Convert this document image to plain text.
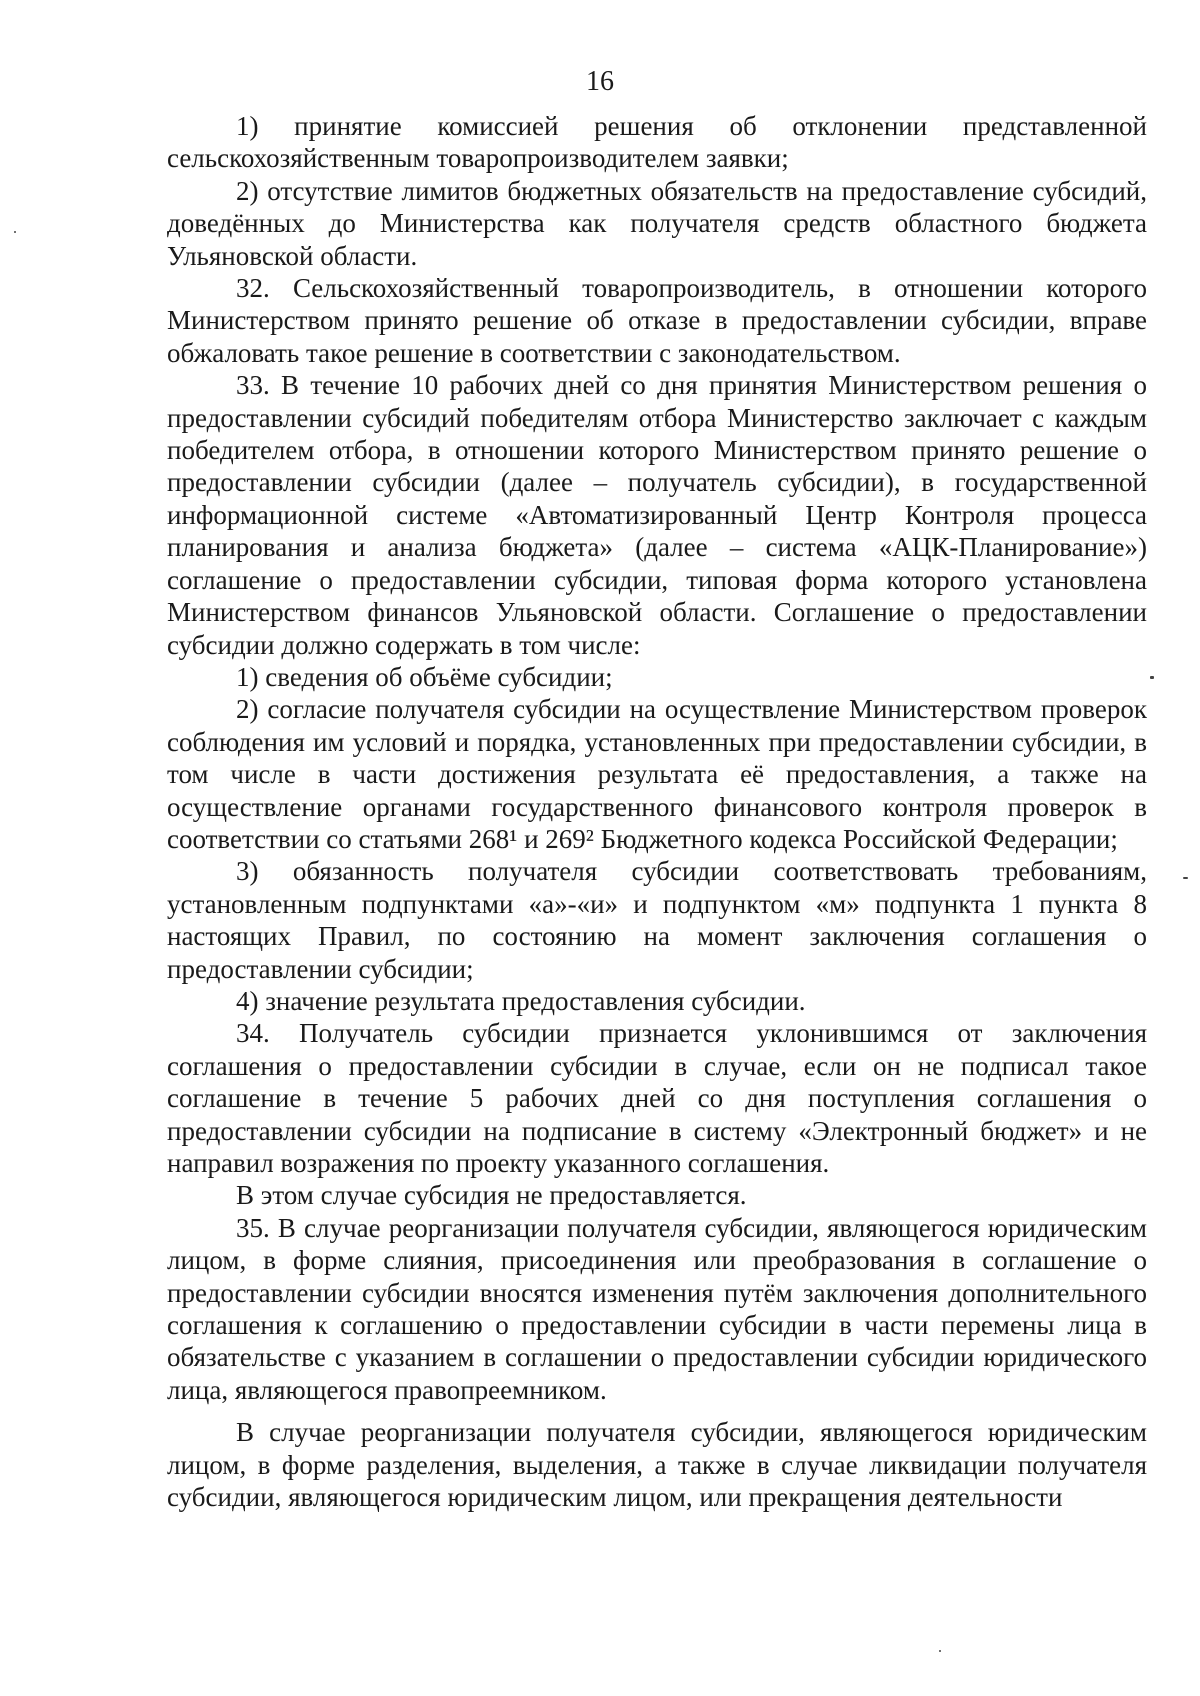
16

1) принятие комиссией решения об отклонении представленной сельскохозяйственным товаропроизводителем заявки;

2) отсутствие лимитов бюджетных обязательств на предоставление субсидий, доведённых до Министерства как получателя средств областного бюджета Ульяновской области.

32. Сельскохозяйственный товаропроизводитель, в отношении которого Министерством принято решение об отказе в предоставлении субсидии, вправе обжаловать такое решение в соответствии с законодательством.

33. В течение 10 рабочих дней со дня принятия Министерством решения о предоставлении субсидий победителям отбора Министерство заключает с каждым победителем отбора, в отношении которого Министерством принято решение о предоставлении субсидии (далее – получатель субсидии), в государственной информационной системе «Автоматизированный Центр Контроля процесса планирования и анализа бюджета» (далее – система «АЦК-Планирование») соглашение о предоставлении субсидии, типовая форма которого установлена Министерством финансов Ульяновской области. Соглашение о предоставлении субсидии должно содержать в том числе:

1) сведения об объёме субсидии;

2) согласие получателя субсидии на осуществление Министерством проверок соблюдения им условий и порядка, установленных при предоставлении субсидии, в том числе в части достижения результата её предоставления, а также на осуществление органами государственного финансового контроля проверок в соответствии со статьями 268¹ и 269² Бюджетного кодекса Российской Федерации;

3) обязанность получателя субсидии соответствовать требованиям, установленным подпунктами «а»-«и» и подпунктом «м» подпункта 1 пункта 8 настоящих Правил, по состоянию на момент заключения соглашения о предоставлении субсидии;

4) значение результата предоставления субсидии.

34. Получатель субсидии признается уклонившимся от заключения соглашения о предоставлении субсидии в случае, если он не подписал такое соглашение в течение 5 рабочих дней со дня поступления соглашения о предоставлении субсидии на подписание в систему «Электронный бюджет» и не направил возражения по проекту указанного соглашения.

В этом случае субсидия не предоставляется.

35. В случае реорганизации получателя субсидии, являющегося юридическим лицом, в форме слияния, присоединения или преобразования в соглашение о предоставлении субсидии вносятся изменения путём заключения дополнительного соглашения к соглашению о предоставлении субсидии в части перемены лица в обязательстве с указанием в соглашении о предоставлении субсидии юридического лица, являющегося правопреемником.

В случае реорганизации получателя субсидии, являющегося юридическим лицом, в форме разделения, выделения, а также в случае ликвидации получателя субсидии, являющегося юридическим лицом, или прекращения деятельности
